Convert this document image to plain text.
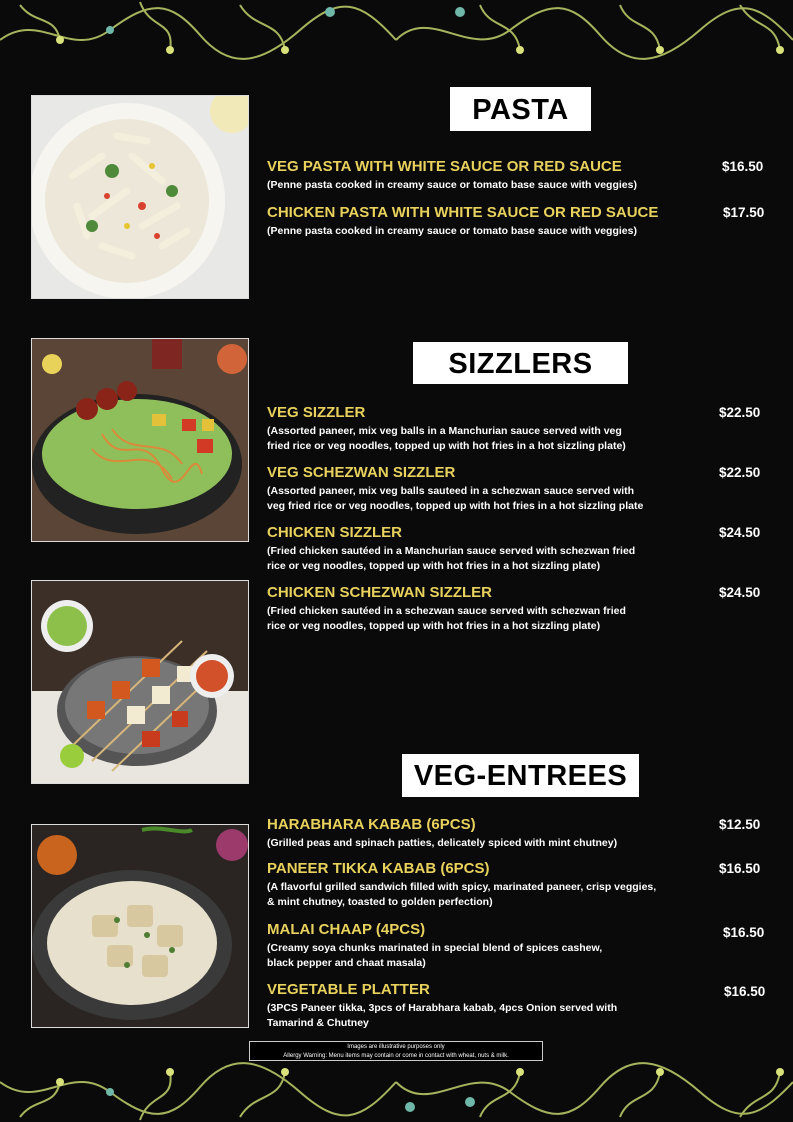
PASTA
VEG PASTA WITH WHITE SAUCE OR RED SAUCE
(Penne pasta cooked in creamy sauce or tomato base sauce with veggies)
$16.50
CHICKEN PASTA WITH WHITE SAUCE OR RED SAUCE
(Penne pasta cooked in creamy sauce or tomato base sauce with veggies)
$17.50
SIZZLERS
VEG SIZZLER
(Assorted paneer, mix veg balls in a Manchurian sauce served with veg
fried rice or veg noodles, topped up with hot fries in a hot sizzling plate)
$22.50
VEG SCHEZWAN SIZZLER
(Assorted paneer, mix veg balls sauteed in a schezwan sauce served with
veg fried rice or veg noodles, topped up with hot fries in a hot sizzling plate
$22.50
CHICKEN SIZZLER
(Fried chicken sautéed in a Manchurian sauce served with schezwan fried
rice or veg noodles, topped up with hot fries in a hot sizzling plate)
$24.50
CHICKEN SCHEZWAN SIZZLER
(Fried chicken sautéed in a schezwan sauce served with schezwan fried
rice or veg noodles, topped up with hot fries in a hot sizzling plate)
$24.50
VEG-ENTREES
HARABHARA KABAB (6PCS)
(Grilled peas and spinach patties, delicately spiced with mint chutney)
$12.50
PANEER TIKKA KABAB (6PCS)
(A flavorful grilled sandwich filled with spicy, marinated paneer, crisp veggies,
& mint chutney, toasted to golden perfection)
$16.50
MALAI CHAAP (4PCS)
(Creamy soya chunks marinated in special blend of spices cashew,
black pepper and chaat masala)
$16.50
VEGETABLE PLATTER
(3PCS Paneer tikka, 3pcs of Harabhara kabab, 4pcs Onion served with
Tamarind & Chutney
$16.50
Images are illustrative purposes only
Allergy Warning: Menu items may contain or come in contact with wheat, nuts & milk.
